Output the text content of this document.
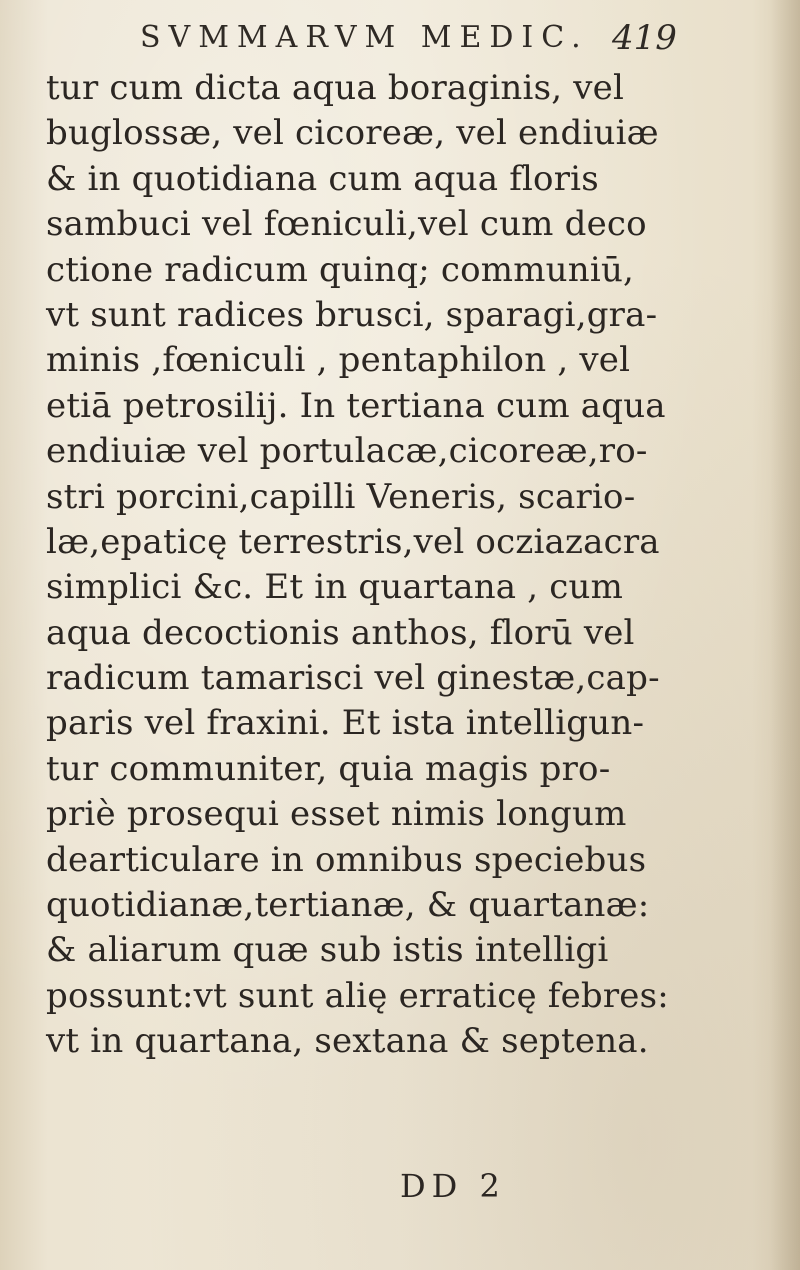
SVMMARVM MEDIC. 419
tur cum dicta aqua boraginis, vel
buglossæ, vel cicoreæ, vel endiuiæ
& in quotidiana cum aqua floris
sambuci vel fœniculi,vel cum deco
ctione radicum quinq; communiū,
vt sunt radices brusci, sparagi,gra-
minis ,fœniculi , pentaphilon , vel
etiā petrosilij. In tertiana cum aqua
endiuiæ vel portulacæ,cicoreæ,ro-
stri porcini,capilli Veneris, scario-
læ,epaticę terrestris,vel ocziazacra
simplici &c. Et in quartana , cum
aqua decoctionis anthos, florū vel
radicum tamarisci vel ginestæ,cap-
paris vel fraxini. Et ista intelligun-
tur communiter, quia magis pro-
priè prosequi esset nimis longum
dearticulare in omnibus speciebus
quotidianæ,tertianæ, & quartanæ:
& aliarum quæ sub istis intelligi
possunt:vt sunt alię erraticę febres:
vt in quartana, sextana & septena.
DD 2
